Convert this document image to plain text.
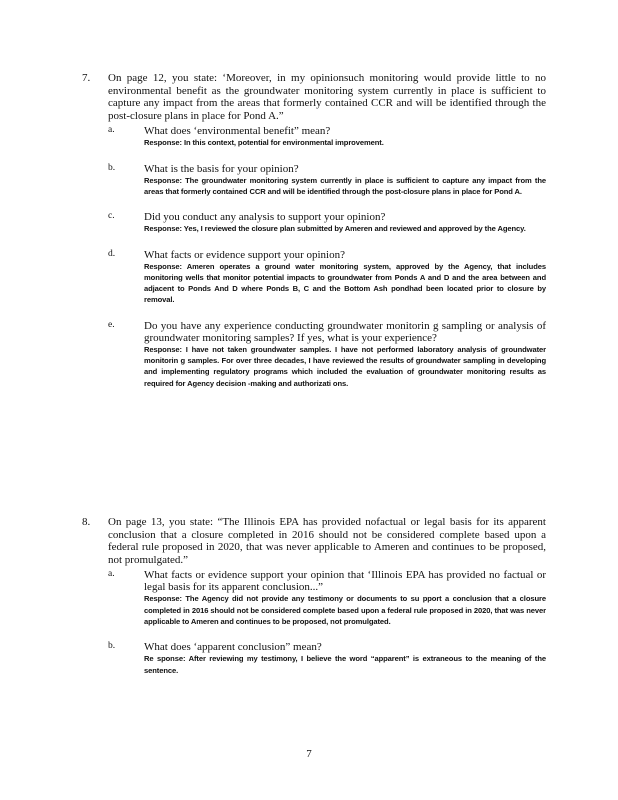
7. On page 12, you state: ‘Moreover, in my opinionsuch monitoring would provide little to no environmental benefit as the groundwater monitoring system currently in place is sufficient to capture any impact from the areas that formerly contained CCR and will be identified through the post-closure plans in place for Pond A.”
a.	What does ‘environmental benefit” mean?
Response: In this context, potential for environmental improvement.
b.	What is the basis for your opinion?
Response: The groundwater monitoring system currently in place is sufficient to capture any impact from the areas that formerly contained CCR and will be identified through the post-closure plans in place for Pond A.
c.	Did you conduct any analysis to support your opinion?
Response: Yes, I reviewed the closure plan submitted by Ameren and reviewed and approved by the Agency.
d.	What facts or evidence support your opinion?
Response: Ameren operates a ground water monitoring system, approved by the Agency, that includes monitoring wells that monitor potential impacts to groundwater from Ponds A and D and the area between and adjacent to Ponds And D where Ponds B, C and the Bottom Ash pondhad been located prior to closure by removal.
e.	Do you have any experience conducting groundwater monitorin g sampling or analysis of groundwater monitoring samples? If yes, what is your experience?
Response: I have not taken groundwater samples. I have not performed laboratory analysis of groundwater monitorin g samples. For over three decades, I have reviewed the results of groundwater sampling in developing and implementing regulatory programs which included the evaluation of groundwater monitoring results as required for Agency decision -making and authorizati ons.
8. On page 13, you state: “The Illinois EPA has provided nofactual or legal basis for its apparent conclusion that a closure completed in 2016 should not be considered complete based upon a federal rule proposed in 2020, that was never applicable to Ameren and continues to be proposed, not promulgated.”
a.	What facts or evidence support your opinion that ‘Illinois EPA has provided no factual or legal basis for its apparent conclusion...”
Response: The Agency did not provide any testimony or documents to su pport a conclusion that a closure completed in 2016 should not be considered complete based upon a federal rule proposed in 2020, that was never applicable to Ameren and continues to be proposed, not promulgated.
b.	What does ‘apparent conclusion” mean?
Re sponse: After reviewing my testimony, I believe the word “apparent” is extraneous to the meaning of the sentence.
7
